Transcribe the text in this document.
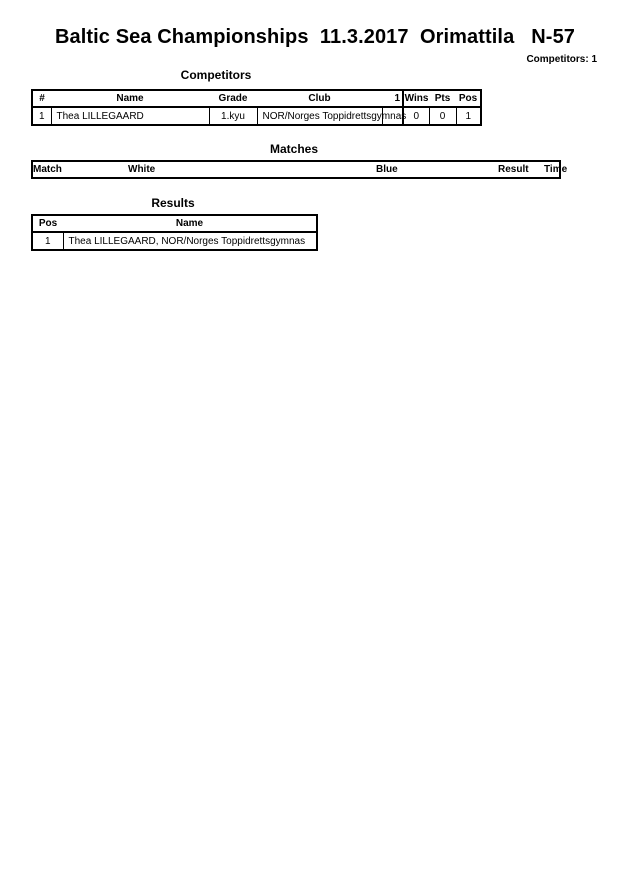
Baltic Sea Championships  11.3.2017  Orimattila   N-57
Competitors: 1
Competitors
#	Name	Grade	Club	1	Wins	Pts	Pos
1	Thea LILLEGAARD	1.kyu	NOR/Norges Toppidrettsgymnas		0	0	1
Matches
Match	White	Blue	Result	Time
Results
Pos	Name
1	Thea LILLEGAARD, NOR/Norges Toppidrettsgymnas
